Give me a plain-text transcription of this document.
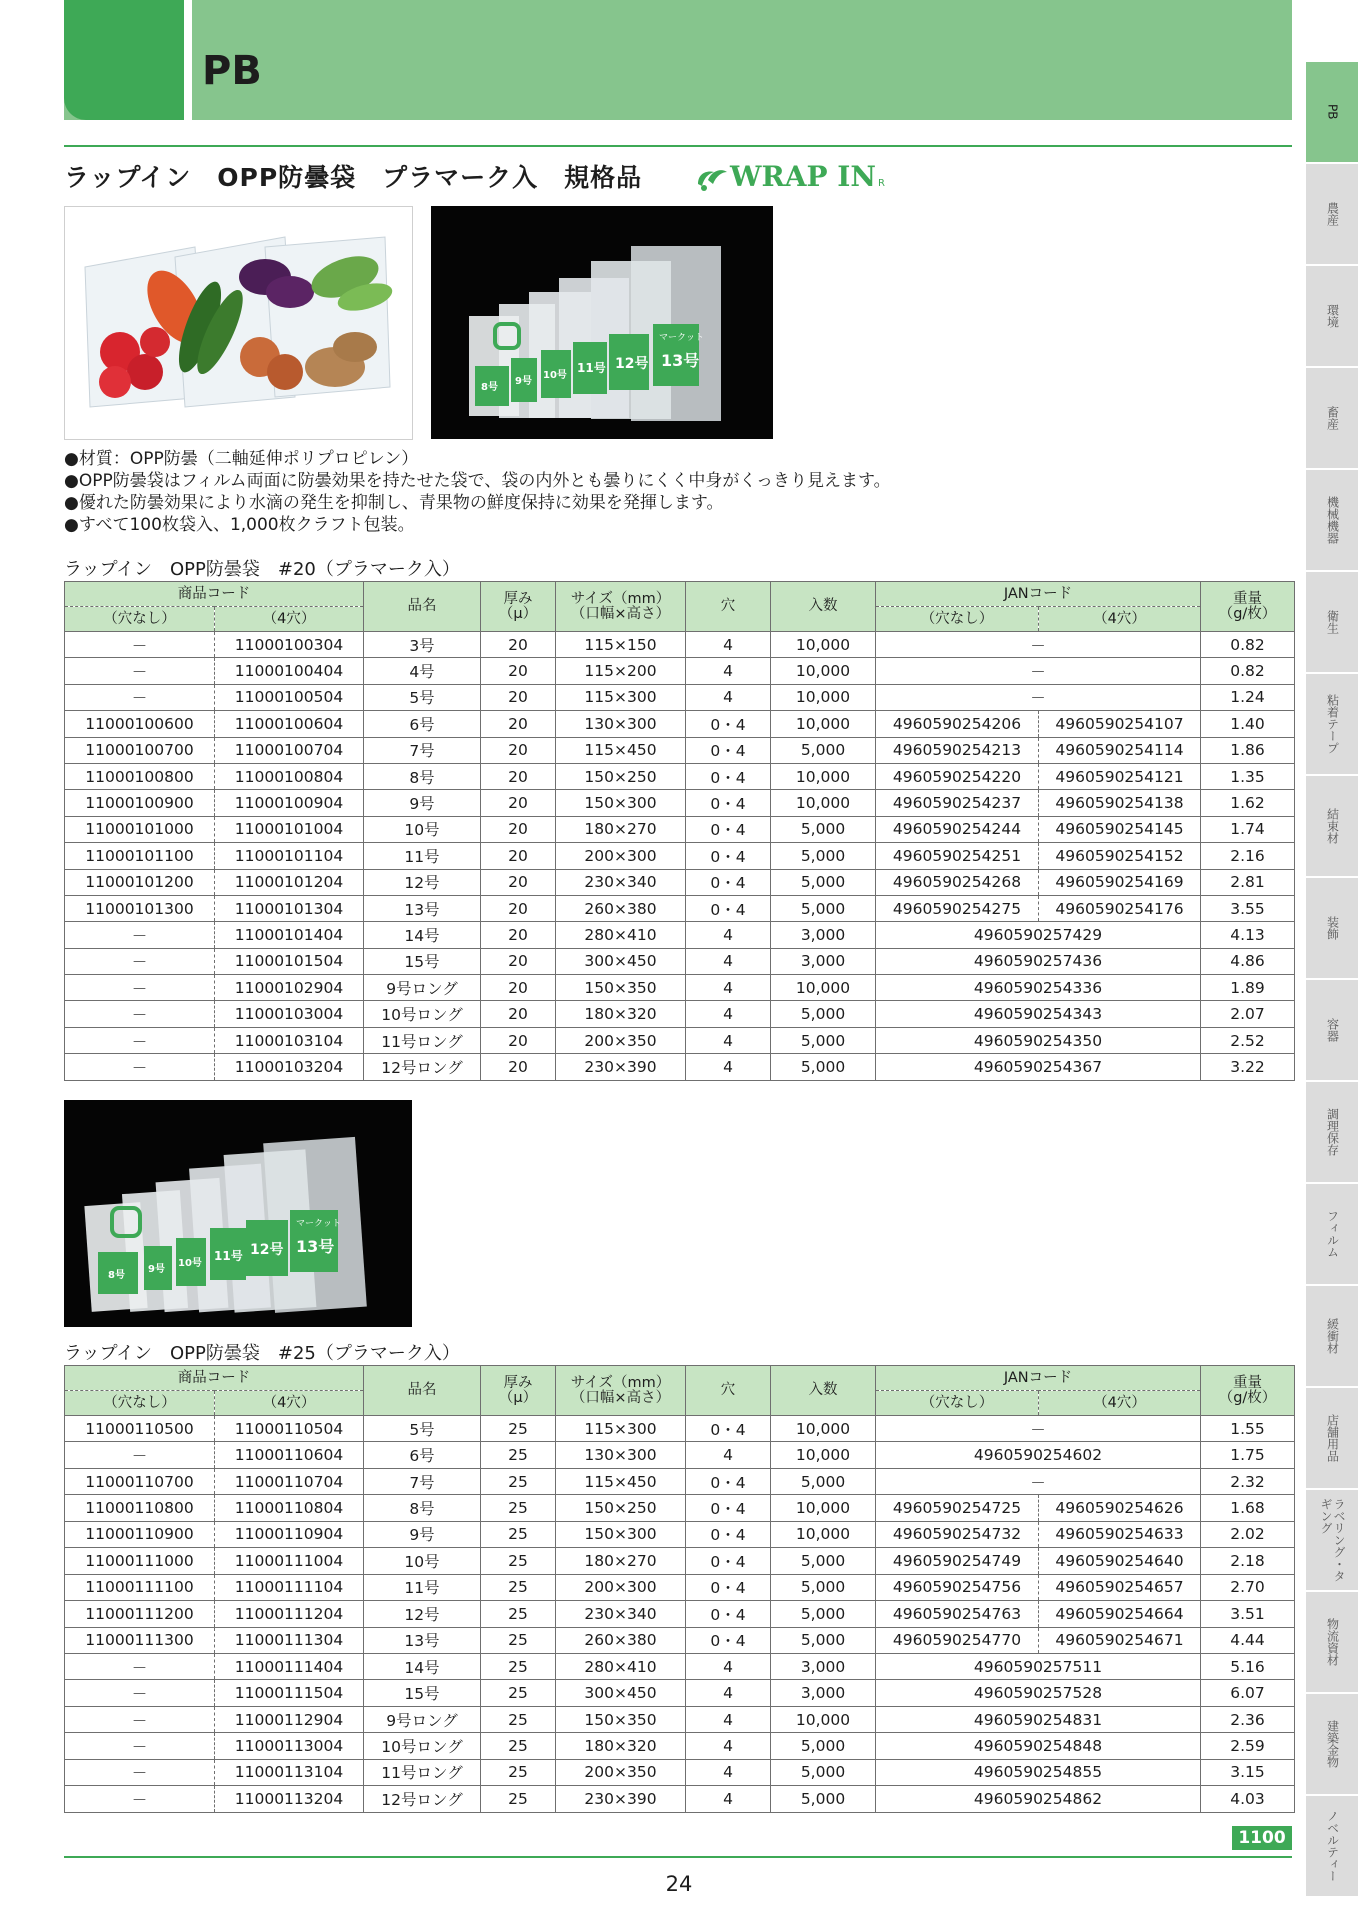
PB
ラップイン　OPP防曇袋　プラマーク入　規格品	WRAP IN R
マークット
13号
12号
11号
10号
9号
8号
●材質：OPP防曇（二軸延伸ポリプロピレン）
●OPP防曇袋はフィルム両面に防曇効果を持たせた袋で、袋の内外とも曇りにくく中身がくっきり見えます。
●優れた防曇効果により水滴の発生を抑制し、青果物の鮮度保持に効果を発揮します。
●すべて100枚袋入、1,000枚クラフト包装。
ラップイン　OPP防曇袋　#20（プラマーク入）
商品コード		品名	厚み
（μ）	サイズ（mm）
（口幅×高さ）	穴	入数	JANコード		重量
（g/枚）
（穴なし）	（4穴）						（穴なし）	（4穴）	
－	11000100304	3号	20	115×150	4	10,000	－		0.82
－	11000100404	4号	20	115×200	4	10,000	－		0.82
－	11000100504	5号	20	115×300	4	10,000	－		1.24
11000100600	11000100604	6号	20	130×300	0・4	10,000	4960590254206	4960590254107	1.40
11000100700	11000100704	7号	20	115×450	0・4	5,000	4960590254213	4960590254114	1.86
11000100800	11000100804	8号	20	150×250	0・4	10,000	4960590254220	4960590254121	1.35
11000100900	11000100904	9号	20	150×300	0・4	10,000	4960590254237	4960590254138	1.62
11000101000	11000101004	10号	20	180×270	0・4	5,000	4960590254244	4960590254145	1.74
11000101100	11000101104	11号	20	200×300	0・4	5,000	4960590254251	4960590254152	2.16
11000101200	11000101204	12号	20	230×340	0・4	5,000	4960590254268	4960590254169	2.81
11000101300	11000101304	13号	20	260×380	0・4	5,000	4960590254275	4960590254176	3.55
－	11000101404	14号	20	280×410	4	3,000	4960590257429		4.13
－	11000101504	15号	20	300×450	4	3,000	4960590257436		4.86
－	11000102904	9号ロング	20	150×350	4	10,000	4960590254336		1.89
－	11000103004	10号ロング	20	180×320	4	5,000	4960590254343		2.07
－	11000103104	11号ロング	20	200×350	4	5,000	4960590254350		2.52
－	11000103204	12号ロング	20	230×390	4	5,000	4960590254367		3.22
マークット
13号
12号
11号
10号
9号
8号
ラップイン　OPP防曇袋　#25（プラマーク入）
商品コード		品名	厚み
（μ）	サイズ（mm）
（口幅×高さ）	穴	入数	JANコード		重量
（g/枚）
（穴なし）	（4穴）						（穴なし）	（4穴）	
11000110500	11000110504	5号	25	115×300	0・4	10,000	－		1.55
－	11000110604	6号	25	130×300	4	10,000	4960590254602		1.75
11000110700	11000110704	7号	25	115×450	0・4	5,000	－		2.32
11000110800	11000110804	8号	25	150×250	0・4	10,000	4960590254725	4960590254626	1.68
11000110900	11000110904	9号	25	150×300	0・4	10,000	4960590254732	4960590254633	2.02
11000111000	11000111004	10号	25	180×270	0・4	5,000	4960590254749	4960590254640	2.18
11000111100	11000111104	11号	25	200×300	0・4	5,000	4960590254756	4960590254657	2.70
11000111200	11000111204	12号	25	230×340	0・4	5,000	4960590254763	4960590254664	3.51
11000111300	11000111304	13号	25	260×380	0・4	5,000	4960590254770	4960590254671	4.44
－	11000111404	14号	25	280×410	4	3,000	4960590257511		5.16
－	11000111504	15号	25	300×450	4	3,000	4960590257528		6.07
－	11000112904	9号ロング	25	150×350	4	10,000	4960590254831		2.36
－	11000113004	10号ロング	25	180×320	4	5,000	4960590254848		2.59
－	11000113104	11号ロング	25	200×350	4	5,000	4960590254855		3.15
－	11000113204	12号ロング	25	230×390	4	5,000	4960590254862		4.03
PB
農産
環境
畜産
機械機器
衛生
粘着テープ
結束材
装飾
容器
調理保存
フィルム
緩衝材
店舗用品
ラベリング・タギング
物流資材
建築金物
ノベルティー
1100
24
